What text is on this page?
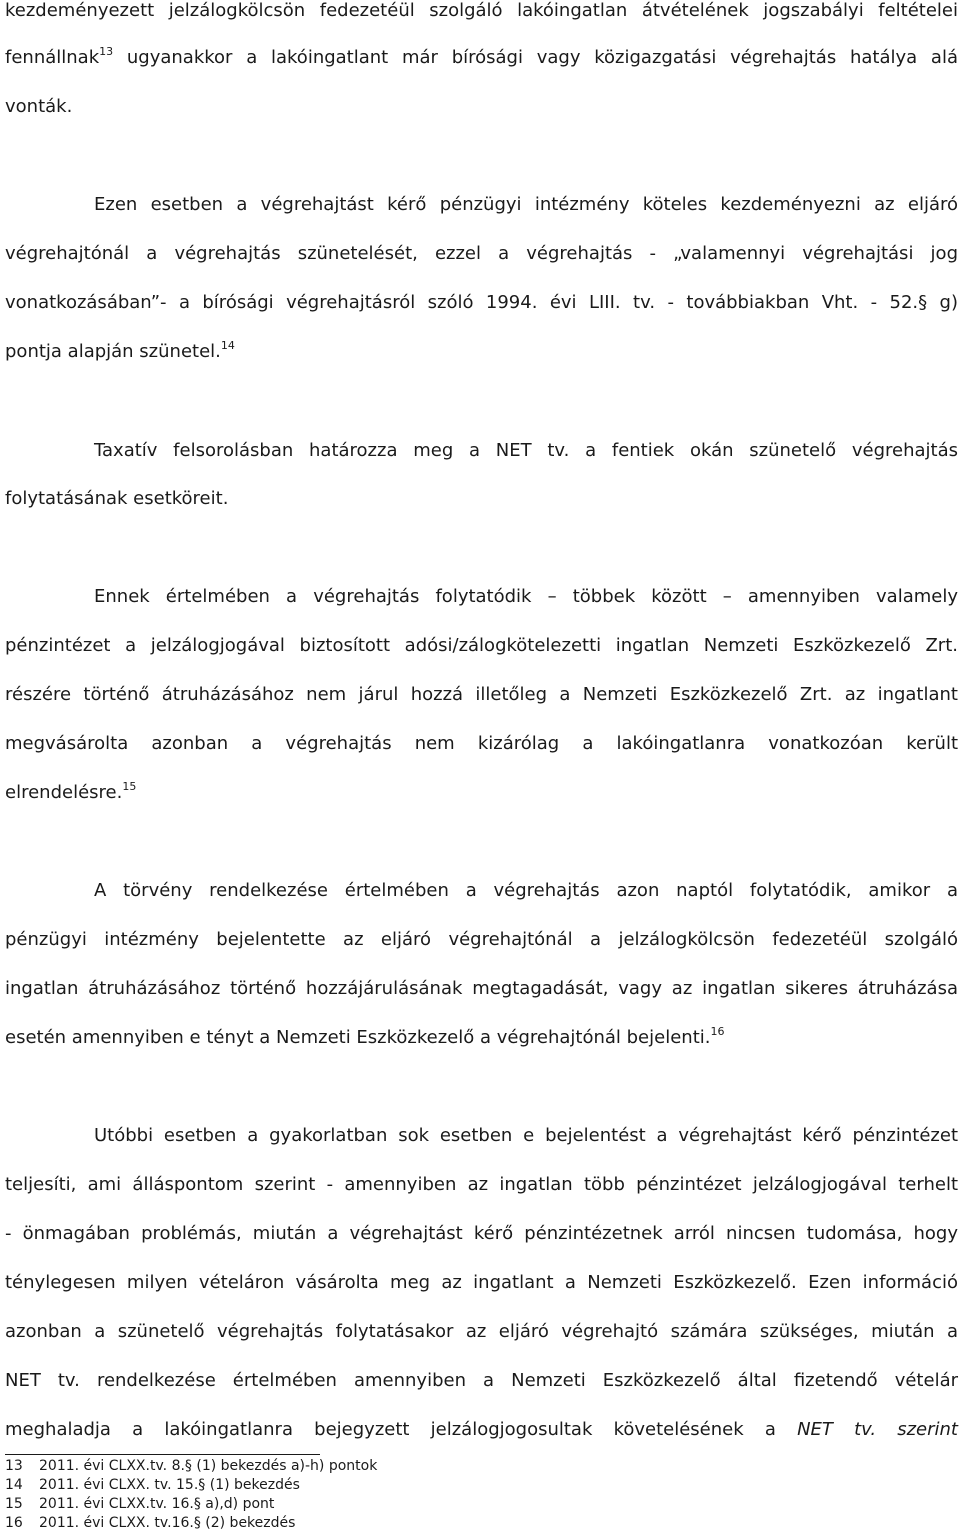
kezdeményezett jelzálogkölcsön fedezetéül szolgáló lakóingatlan átvételének jogszabályi feltételei
fennállnak$^{13}$ ugyanakkor a lakóingatlant már bírósági vagy közigazgatási végrehajtás hatálya alá
vonták.
Ezen esetben a végrehajtást kérő pénzügyi intézmény köteles kezdeményezni az eljáró
végrehajtónál a végrehajtás szünetelését, ezzel a végrehajtás - „valamennyi végrehajtási jog
vonatkozásában”- a bírósági végrehajtásról szóló 1994. évi LIII. tv. - továbbiakban Vht. - 52.§ g)
pontja alapján szünetel.$^{14}$
Taxatív felsorolásban határozza meg a NET tv. a fentiek okán szünetelő végrehajtás
folytatásának esetköreit.
Ennek értelmében a végrehajtás folytatódik – többek között – amennyiben valamely
pénzintézet a jelzálogjogával biztosított adósi/zálogkötelezetti ingatlan Nemzeti Eszközkezelő Zrt.
részére történő átruházásához nem járul hozzá illetőleg a Nemzeti Eszközkezelő Zrt. az ingatlant
megvásárolta azonban a végrehajtás nem kizárólag a lakóingatlanra vonatkozóan került
elrendelésre.$^{15}$
A törvény rendelkezése értelmében a végrehajtás azon naptól folytatódik, amikor a
pénzügyi intézmény bejelentette az eljáró végrehajtónál a jelzálogkölcsön fedezetéül szolgáló
ingatlan átruházásához történő hozzájárulásának megtagadását, vagy az ingatlan sikeres átruházása
esetén amennyiben e tényt a Nemzeti Eszközkezelő a végrehajtónál bejelenti.$^{16}$
Utóbbi esetben a gyakorlatban sok esetben e bejelentést a végrehajtást kérő pénzintézet
teljesíti, ami álláspontom szerint - amennyiben az ingatlan több pénzintézet jelzálogjogával terhelt
- önmagában problémás, miután a végrehajtást kérő pénzintézetnek arról nincsen tudomása, hogy
ténylegesen milyen vételáron vásárolta meg az ingatlant a Nemzeti Eszközkezelő. Ezen információ
azonban a szünetelő végrehajtás folytatásakor az eljáró végrehajtó számára szükséges, miután a
NET tv. rendelkezése értelmében amennyiben a Nemzeti Eszközkezelő által fizetendő vételár
meghaladja a lakóingatlanra bejegyzett jelzálogjogosultak követelésének a NET tv. szerint
13 2011. évi CLXX.tv. 8.§ (1) bekezdés a)-h) pontok
14 2011. évi CLXX. tv. 15.§ (1) bekezdés
15 2011. évi CLXX.tv. 16.§ a),d) pont
16 2011. évi CLXX. tv.16.§ (2) bekezdés
